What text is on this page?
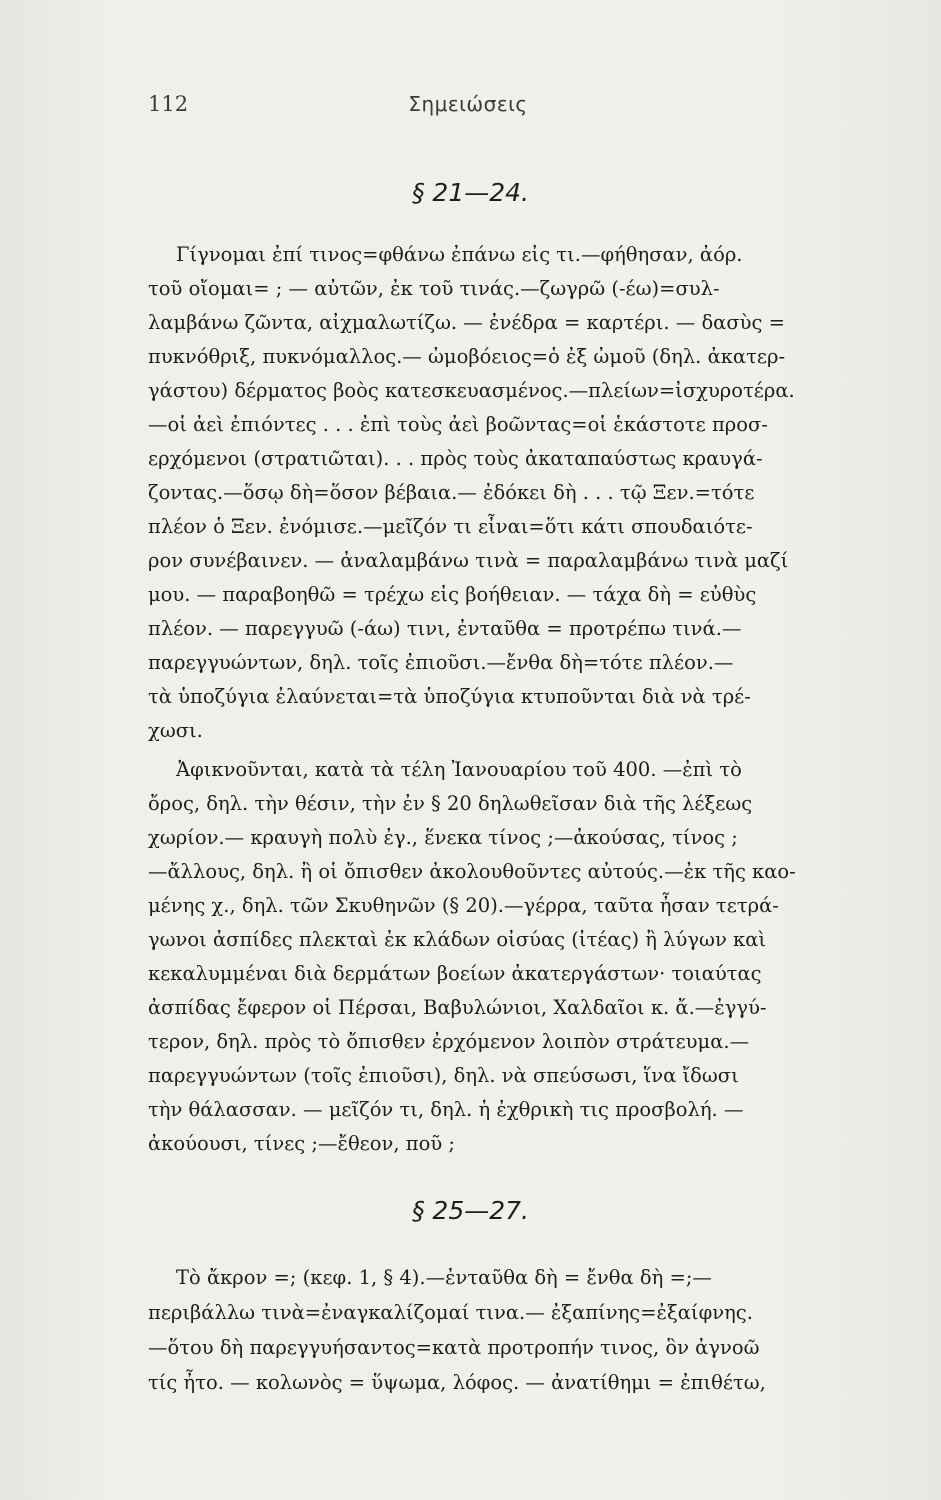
112	Σημειώσεις
§ 21—24.
Γίγνομαι ἐπί τινος=φθάνω ἐπάνω εἰς τι.—φήθησαν, ἀόρ.
τοῦ οἴομαι= ; — αὐτῶν, ἐκ τοῦ τινάς.—ζωγρῶ (-έω)=συλ-
λαμβάνω ζῶντα, αἰχμαλωτίζω. — ἐνέδρα = καρτέρι. — δασὺς =
πυκνόθριξ, πυκνόμαλλος.— ὠμοβόειος=ὁ ἐξ ὠμοῦ (δηλ. ἀκατερ-
γάστου) δέρματος βοὸς κατεσκευασμένος.—πλείων=ἰσχυροτέρα.
—οἱ ἀεὶ ἐπιόντες . . . ἐπὶ τοὺς ἀεὶ βοῶντας=οἱ ἑκάστοτε προσ-
ερχόμενοι (στρατιῶται). . . πρὸς τοὺς ἀκαταπαύστως κραυγά-
ζοντας.—ὅσῳ δὴ=ὅσον βέβαια.— ἐδόκει δὴ . . . τῷ Ξεν.=τότε
πλέον ὁ Ξεν. ἐνόμισε.—μεῖζόν τι εἶναι=ὅτι κάτι σπουδαιότε-
ρον συνέβαινεν. — ἀναλαμβάνω τινὰ = παραλαμβάνω τινὰ μαζί
μου. — παραβοηθῶ = τρέχω εἰς βοήθειαν. — τάχα δὴ = εὐθὺς
πλέον. — παρεγγυῶ (-άω) τινι, ἐνταῦθα = προτρέπω τινά.—
παρεγγυώντων, δηλ. τοῖς ἐπιοῦσι.—ἔνθα δὴ=τότε πλέον.—
τὰ ὑποζύγια ἐλαύνεται=τὰ ὑποζύγια κτυποῦνται διὰ νὰ τρέ-
χωσι.
Ἀφικνοῦνται, κατὰ τὰ τέλη Ἰανουαρίου τοῦ 400. —ἐπὶ τὸ
ὄρος, δηλ. τὴν θέσιν, τὴν ἐν § 20 δηλωθεῖσαν διὰ τῆς λέξεως
χωρίον.— κραυγὴ πολὺ ἐγ., ἕνεκα τίνος ;—ἀκούσας, τίνος ;
—ἄλλους, δηλ. ἢ οἱ ὄπισθεν ἀκολουθοῦντες αὐτούς.—ἐκ τῆς καο-
μένης χ., δηλ. τῶν Σκυθηνῶν (§ 20).—γέρρα, ταῦτα ἦσαν τετρά-
γωνοι ἀσπίδες πλεκταὶ ἐκ κλάδων οἰσύας (ἰτέας) ἢ λύγων καὶ
κεκαλυμμέναι διὰ δερμάτων βοείων ἀκατεργάστων· τοιαύτας
ἀσπίδας ἔφερον οἱ Πέρσαι, Βαβυλώνιοι, Χαλδαῖοι κ. ἄ.—ἐγγύ-
τερον, δηλ. πρὸς τὸ ὄπισθεν ἐρχόμενον λοιπὸν στράτευμα.—
παρεγγυώντων (τοῖς ἐπιοῦσι), δηλ. νὰ σπεύσωσι, ἵνα ἴδωσι
τὴν θάλασσαν. — μεῖζόν τι, δηλ. ἡ ἐχθρικὴ τις προσβολή. —
ἀκούουσι, τίνες ;—ἔθεον, ποῦ ;
§ 25—27.
Τὸ ἄκρον =; (κεφ. 1, § 4).—ἐνταῦθα δὴ = ἔνθα δὴ =;—
περιβάλλω τινὰ=ἐναγκαλίζομαί τινα.— ἐξαπίνης=ἐξαίφνης.
—ὅτου δὴ παρεγγυήσαντος=κατὰ προτροπήν τινος, ὃν ἀγνοῶ
τίς ἦτο. — κολωνὸς = ὕψωμα, λόφος. — ἀνατίθημι = ἐπιθέτω,
